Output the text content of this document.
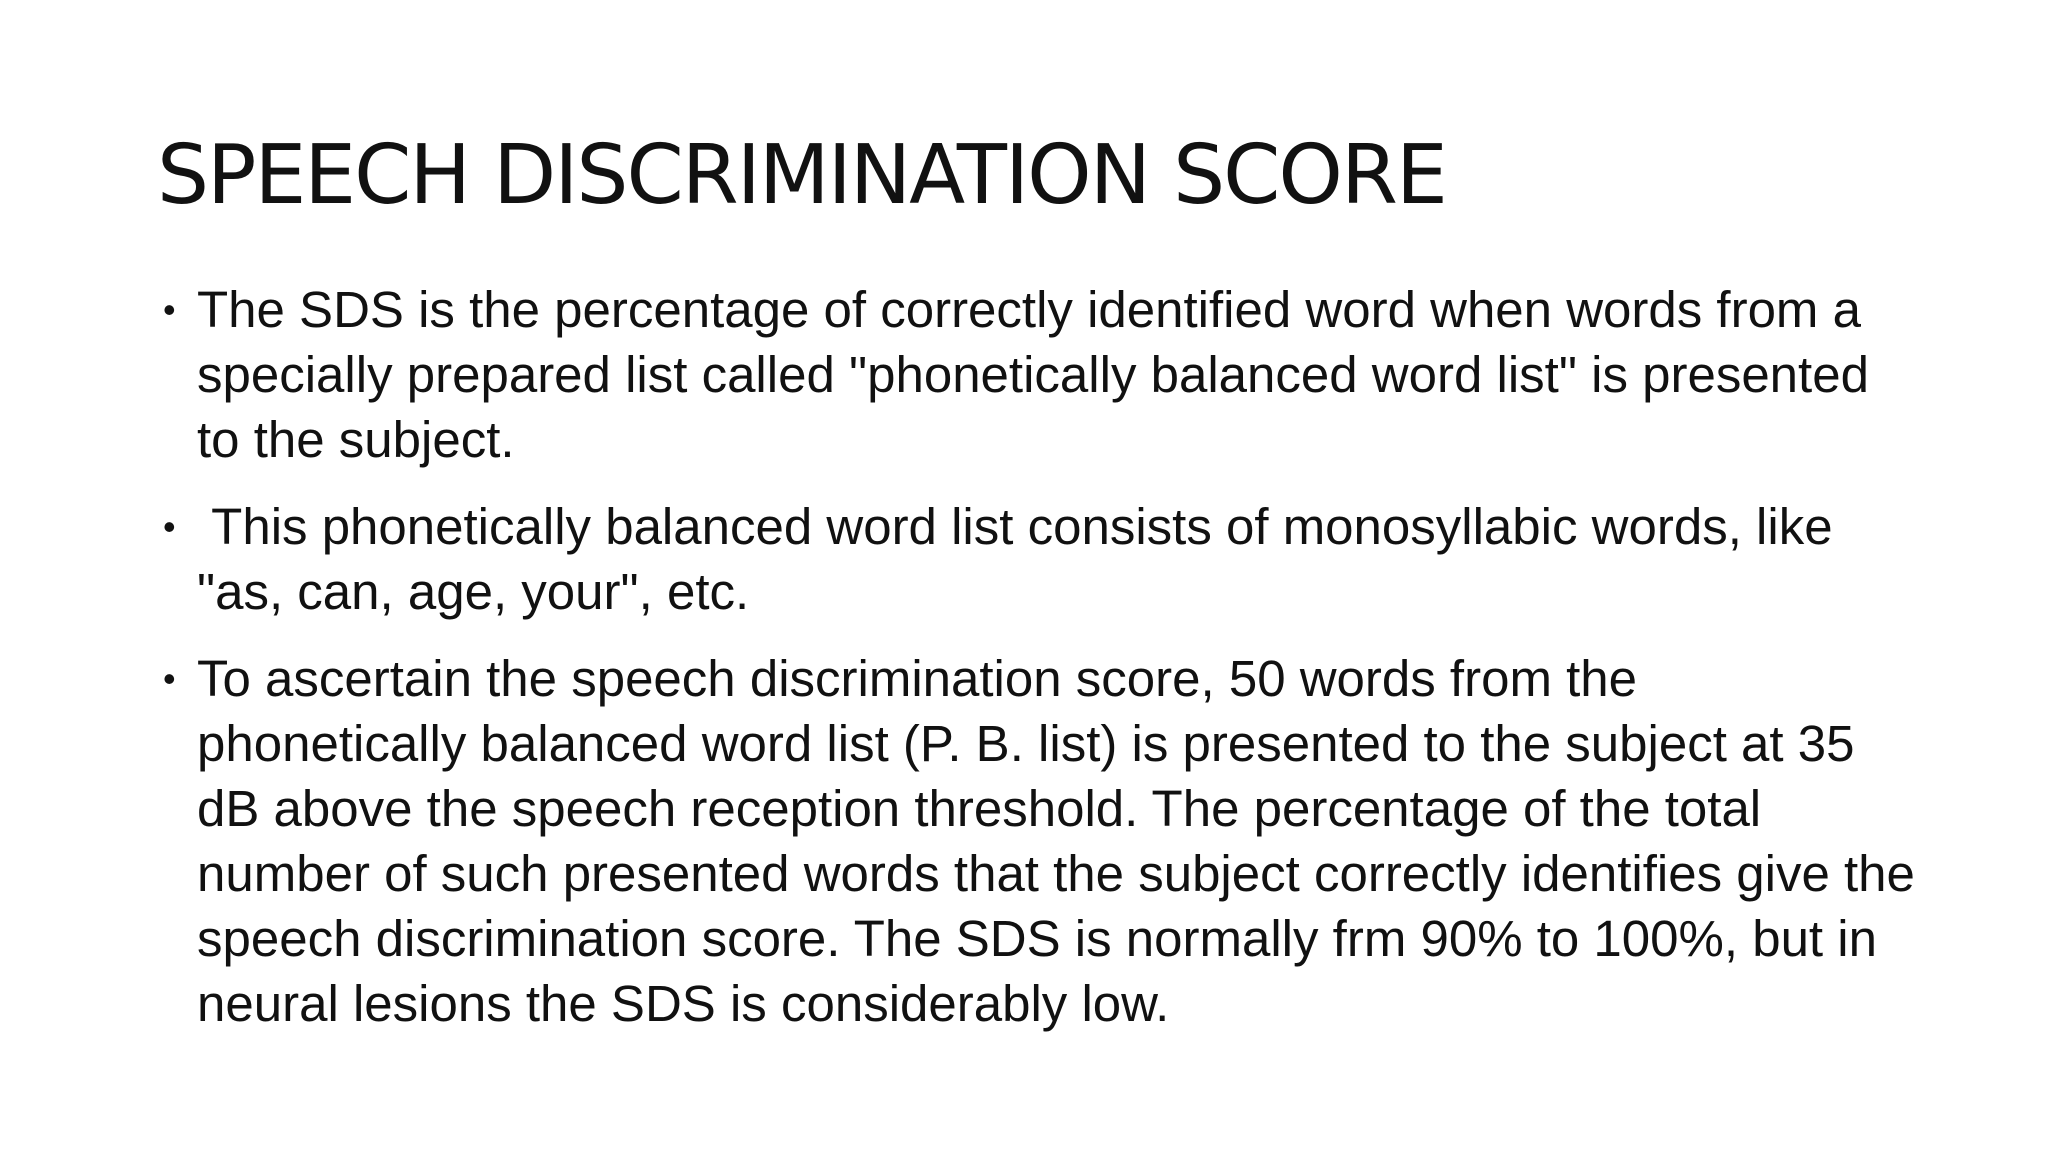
SPEECH DISCRIMINATION SCORE
• The SDS is the percentage of correctly identified word when words from a specially prepared list called "phonetically balanced word list" is presented to the subject.
• This phonetically balanced word list consists of monosyllabic words, like "as, can, age, your", etc.
• To ascertain the speech discrimination score, 50 words from the phonetically balanced word list (P. B. list) is presented to the subject at 35 dB above the speech reception threshold. The percentage of the total number of such presented words that the subject correctly identifies give the speech discrimination score. The SDS is normally frm 90% to 100%, but in neural lesions the SDS is considerably low.
